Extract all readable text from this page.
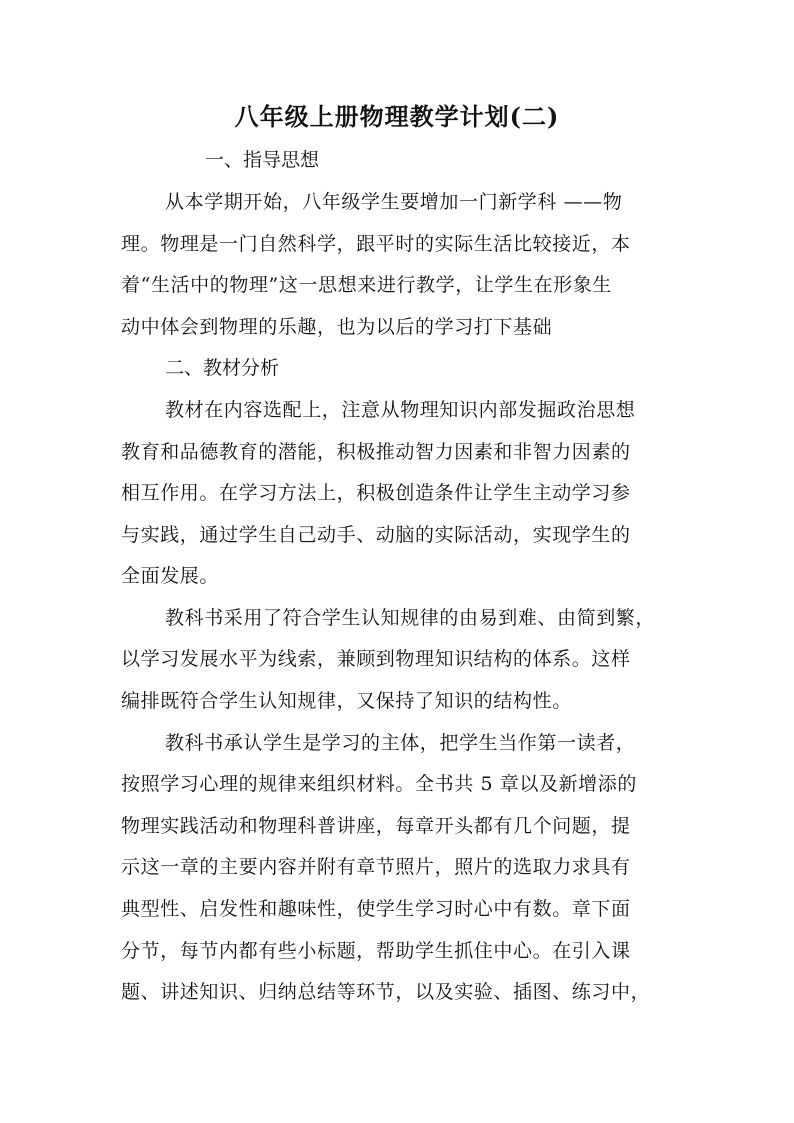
八年级上册物理教学计划(二)
一、指导思想
从本学期开始，八年级学生要增加一门新学科 ——物
理。物理是一门自然科学，跟平时的实际生活比较接近，本
着“生活中的物理”这一思想来进行教学，让学生在形象生
动中体会到物理的乐趣，也为以后的学习打下基础
二、教材分析
教材在内容选配上，注意从物理知识内部发掘政治思想
教育和品德教育的潜能，积极推动智力因素和非智力因素的
相互作用。在学习方法上，积极创造条件让学生主动学习参
与实践，通过学生自己动手、动脑的实际活动，实现学生的
全面发展。
教科书采用了符合学生认知规律的由易到难、由简到繁，
以学习发展水平为线索，兼顾到物理知识结构的体系。这样
编排既符合学生认知规律，又保持了知识的结构性。
教科书承认学生是学习的主体，把学生当作第一读者，
按照学习心理的规律来组织材料。全书共 5 章以及新增添的
物理实践活动和物理科普讲座，每章开头都有几个问题，提
示这一章的主要内容并附有章节照片，照片的选取力求具有
典型性、启发性和趣味性，使学生学习时心中有数。章下面
分节，每节内都有些小标题，帮助学生抓住中心。在引入课
题、讲述知识、归纳总结等环节，以及实验、插图、练习中，
